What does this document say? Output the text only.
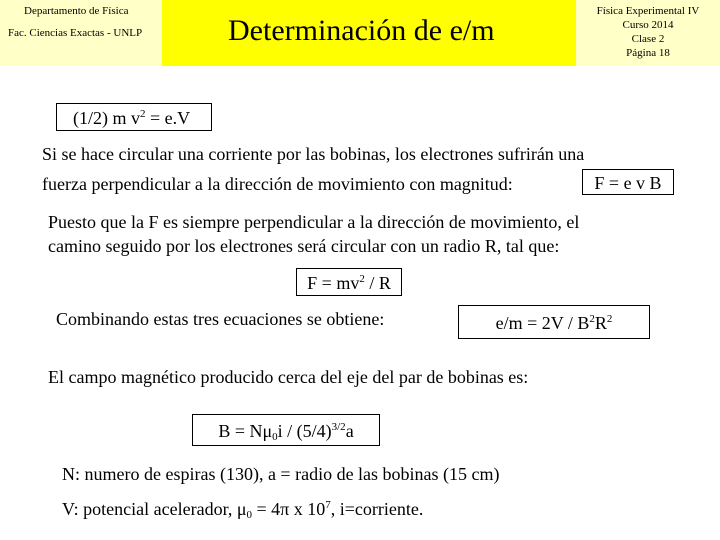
Departamento de Física
Fac. Ciencias Exactas - UNLP	Determinación de e/m
Física Experimental IV
Curso 2014
Clase 2
Página 18
(1/2) m $v^2 = e.V$
Si se hace circular una corriente por las bobinas, los electrones sufrirán una
fuerza perpendicular a la dirección de movimiento con magnitud:	F = e v B
Puesto que la F es siempre perpendicular a la dirección de movimiento, el
camino seguido por los electrones será circular con un radio R, tal que:
$F = mv^2 / R$
Combinando estas tres ecuaciones se obtiene:	$e/m = 2V / B^2R^2$
El campo magnético producido cerca del eje del par de bobinas es:
$B = N\mu_0i / (5/4)^{3/2}a$
N: numero de espiras (130), a = radio de las bobinas (15 cm)
V: potencial acelerador, $\mu_0 = 4\pi$ x $10^7$, i=corriente.
